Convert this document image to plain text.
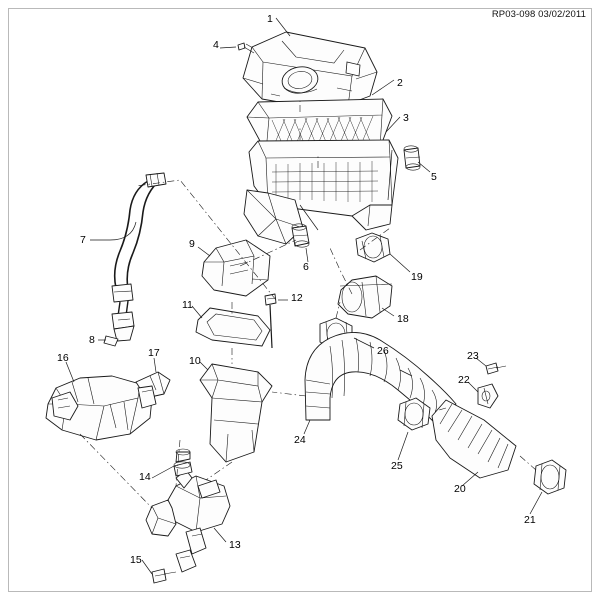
RP03-098 03/02/2011
1
2
3
4
5
6
7
8
9
10
11
12
13
14
15
16	17
18
19
20
21
22
23
24
25
26
